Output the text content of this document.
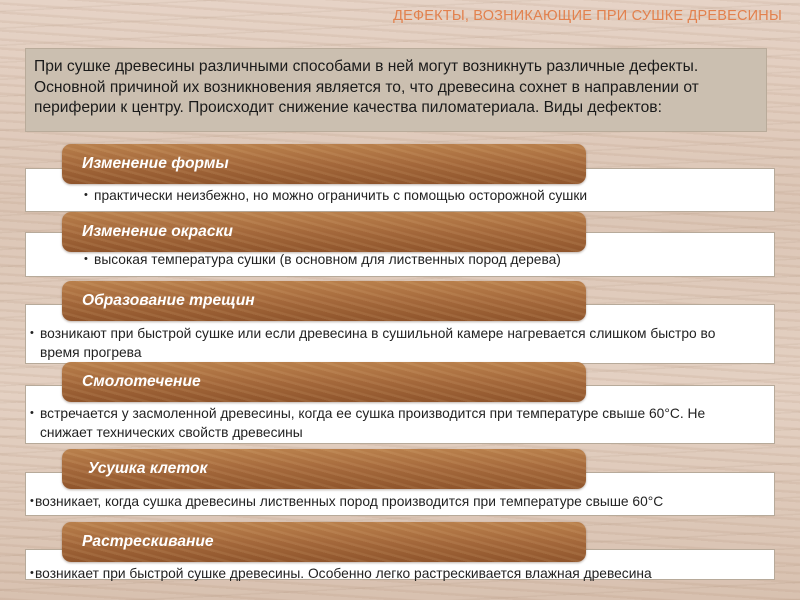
ДЕФЕКТЫ, ВОЗНИКАЮЩИЕ ПРИ СУШКЕ ДРЕВЕСИНЫ
При сушке древесины различными способами в ней могут возникнуть различные дефекты. Основной причиной их возникновения является то, что древесина сохнет в направлении от периферии к центру. Происходит снижение качества пиломатериала. Виды дефектов:
• практически неизбежно, но можно ограничить с помощью осторожной сушки
Изменение формы
• высокая температура сушки (в основном для лиственных пород дерева)
Изменение окраски
• возникают при быстрой сушке или если древесина в сушильной камере нагревается слишком быстро во время прогрева
Образование трещин
• встречается у засмоленной древесины, когда ее сушка производится при температуре свыше 60°С. Не снижает технических свойств древесины
Смолотечение
• возникает, когда сушка древесины лиственных пород производится при температуре свыше 60°С
Усушка клеток
• возникает при быстрой сушке древесины. Особенно легко растрескивается влажная древесина
Растрескивание
